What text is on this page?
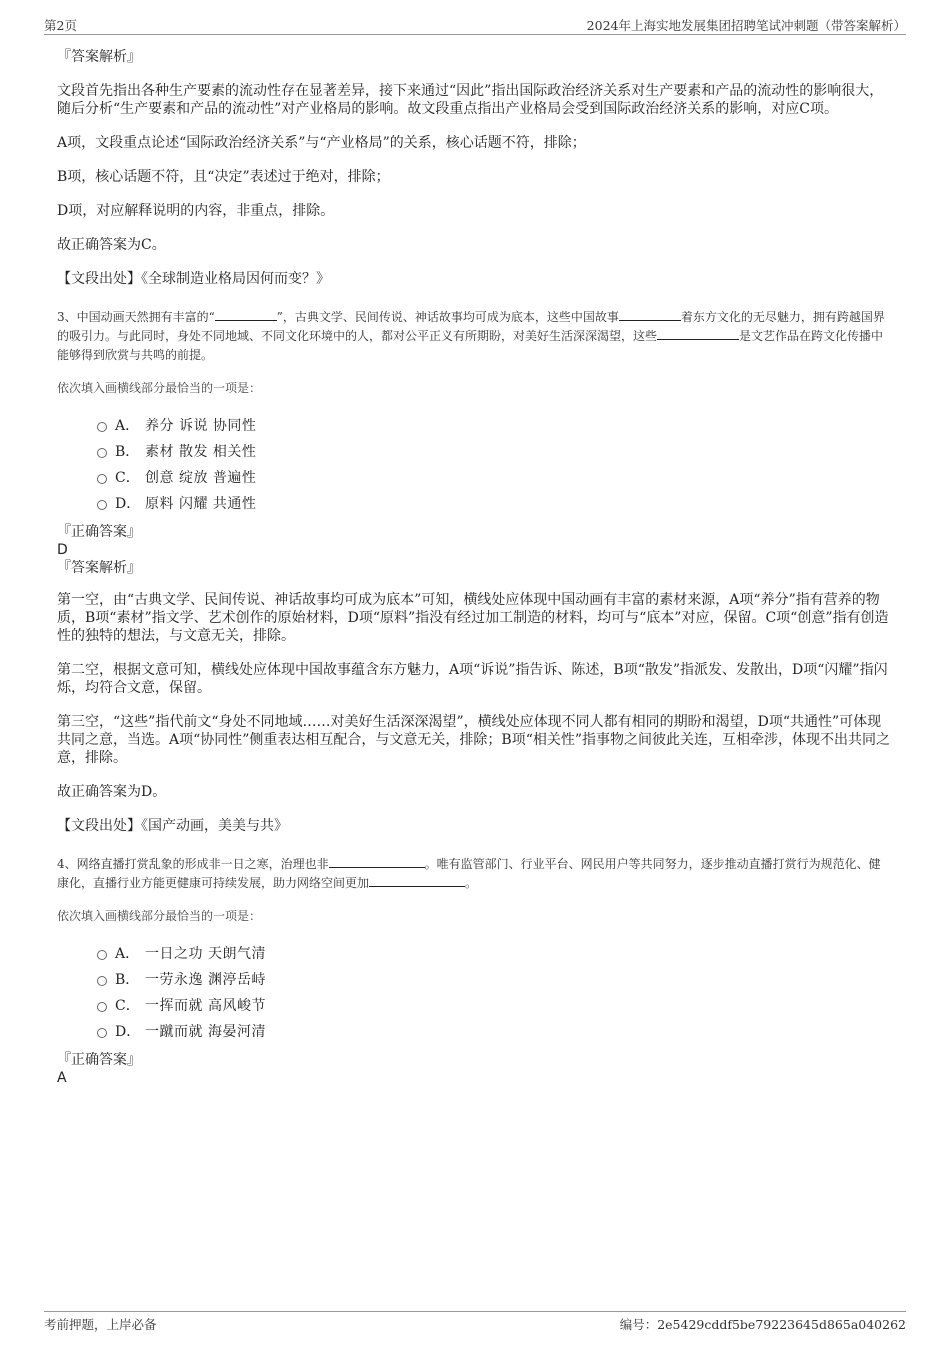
第2页	2024年上海实地发展集团招聘笔试冲刺题（带答案解析）
『答案解析』

文段首先指出各种生产要素的流动性存在显著差异，接下来通过“因此”指出国际政治经济关系对生产要素和产品的流动性的影响很大，随后分析“生产要素和产品的流动性”对产业格局的影响。故文段重点指出产业格局会受到国际政治经济关系的影响，对应C项。

A项，文段重点论述“国际政治经济关系”与“产业格局”的关系，核心话题不符，排除；

B项，核心话题不符，且“决定”表述过于绝对，排除；

D项，对应解释说明的内容，非重点，排除。

故正确答案为C。

【文段出处】《全球制造业格局因何而变？》

3、中国动画天然拥有丰富的“	”，古典文学、民间传说、神话故事均可成为底本，这些中国故事	着东方文化的无尽魅力，拥有跨越国界的吸引力。与此同时，身处不同地域、不同文化环境中的人，都对公平正义有所期盼，对美好生活深深渴望，这些	是文艺作品在跨文化传播中能够得到欣赏与共鸣的前提。

依次填入画横线部分最恰当的一项是：

A． 养分 诉说 协同性
B． 素材 散发 相关性
C． 创意 绽放 普遍性
D． 原料 闪耀 共通性
『正确答案』
D
『答案解析』

第一空，由“古典文学、民间传说、神话故事均可成为底本”可知，横线处应体现中国动画有丰富的素材来源，A项“养分”指有营养的物质，B项“素材”指文学、艺术创作的原始材料，D项“原料”指没有经过加工制造的材料，均可与“底本”对应，保留。C项“创意”指有创造性的独特的想法，与文意无关，排除。

第二空，根据文意可知，横线处应体现中国故事蕴含东方魅力，A项“诉说”指告诉、陈述，B项“散发”指派发、发散出，D项“闪耀”指闪烁，均符合文意，保留。

第三空，“这些”指代前文“身处不同地域……对美好生活深深渴望”，横线处应体现不同人都有相同的期盼和渴望，D项“共通性”可体现共同之意，当选。A项“协同性”侧重表达相互配合，与文意无关，排除；B项“相关性”指事物之间彼此关连，互相牵涉，体现不出共同之意，排除。

故正确答案为D。

【文段出处】《国产动画，美美与共》

4、网络直播打赏乱象的形成非一日之寒，治理也非	。唯有监管部门、行业平台、网民用户等共同努力，逐步推动直播打赏行为规范化、健康化，直播行业方能更健康可持续发展，助力网络空间更加	。

依次填入画横线部分最恰当的一项是：

A． 一日之功 天朗气清
B． 一劳永逸 渊渟岳峙
C． 一挥而就 高风峻节
D． 一蹴而就 海晏河清
『正确答案』
A
考前押题，上岸必备	编号：2e5429cddf5be79223645d865a040262
